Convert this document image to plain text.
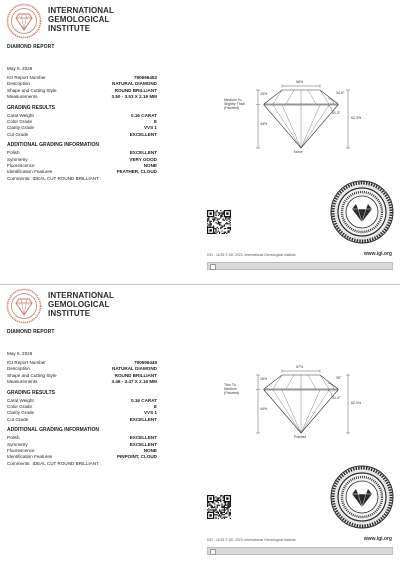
INTERNATIONAL
GEMOLOGICAL
INSTITUTE
DIAMOND REPORT
May 6, 2026
IGI Report Number	790696452
Description	NATURAL DIAMOND
Shape and Cutting Style	ROUND BRILLIANT
Measurements	3.50 - 3.53 X 2.19 MM
GRADING RESULTS
Carat Weight	0.16 CARAT
Color Grade	E
Clarity Grade	VVS 1
Cut Grade	EXCELLENT
ADDITIONAL GRADING INFORMATION
Polish	EXCELLENT
Symmetry	VERY GOOD
Fluorescence	NONE
Identification Features	FEATHER, CLOUD
Comments: IDEAL CUT ROUND BRILLIANT
Medium To
Slightly Thick
(Faceted)
58%
34.6°
15%
41.3°
62.3%
44%
None
DIO - 11/25 © IGI, 2023, International Gemological Institute	www.igi.org
INTERNATIONAL
GEMOLOGICAL
INSTITUTE
DIAMOND REPORT
May 6, 2026
IGI Report Number	790696449
Description	NATURAL DIAMOND
Shape and Cutting Style	ROUND BRILLIANT
Measurements	3.46 - 3.47 X 2.16 MM
GRADING RESULTS
Carat Weight	0.16 CARAT
Color Grade	E
Clarity Grade	VVS 1
Cut Grade	EXCELLENT
ADDITIONAL GRADING INFORMATION
Polish	EXCELLENT
Symmetry	EXCELLENT
Fluorescence	NONE
Identification Features	PINPOINT, CLOUD
Comments: IDEAL CUT ROUND BRILLIANT
Thin To
Medium
(Faceted)
57%
35°
15%
41.3°
62.5%
44%
Pointed
DIO - 11/25 © IGI, 2023, International Gemological Institute	www.igi.org
